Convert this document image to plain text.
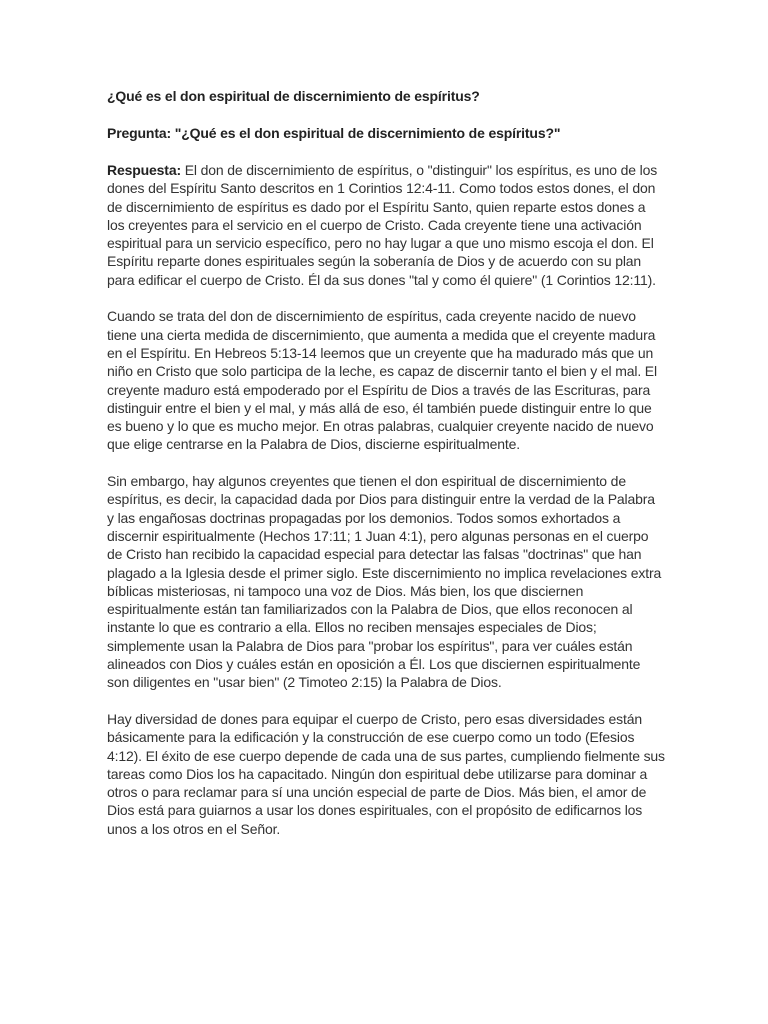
¿Qué es el don espiritual de discernimiento de espíritus?
Pregunta: "¿Qué es el don espiritual de discernimiento de espíritus?"

Respuesta: El don de discernimiento de espíritus, o "distinguir" los espíritus, es uno de los dones del Espíritu Santo descritos en 1 Corintios 12:4-11. Como todos estos dones, el don de discernimiento de espíritus es dado por el Espíritu Santo, quien reparte estos dones a los creyentes para el servicio en el cuerpo de Cristo. Cada creyente tiene una activación espiritual para un servicio específico, pero no hay lugar a que uno mismo escoja el don. El Espíritu reparte dones espirituales según la soberanía de Dios y de acuerdo con su plan para edificar el cuerpo de Cristo. Él da sus dones "tal y como él quiere" (1 Corintios 12:11).

Cuando se trata del don de discernimiento de espíritus, cada creyente nacido de nuevo tiene una cierta medida de discernimiento, que aumenta a medida que el creyente madura en el Espíritu. En Hebreos 5:13-14 leemos que un creyente que ha madurado más que un niño en Cristo que solo participa de la leche, es capaz de discernir tanto el bien y el mal. El creyente maduro está empoderado por el Espíritu de Dios a través de las Escrituras, para distinguir entre el bien y el mal, y más allá de eso, él también puede distinguir entre lo que es bueno y lo que es mucho mejor. En otras palabras, cualquier creyente nacido de nuevo que elige centrarse en la Palabra de Dios, discierne espiritualmente.

Sin embargo, hay algunos creyentes que tienen el don espiritual de discernimiento de espíritus, es decir, la capacidad dada por Dios para distinguir entre la verdad de la Palabra y las engañosas doctrinas propagadas por los demonios. Todos somos exhortados a discernir espiritualmente (Hechos 17:11; 1 Juan 4:1), pero algunas personas en el cuerpo de Cristo han recibido la capacidad especial para detectar las falsas "doctrinas" que han plagado a la Iglesia desde el primer siglo. Este discernimiento no implica revelaciones extra bíblicas misteriosas, ni tampoco una voz de Dios. Más bien, los que disciernen espiritualmente están tan familiarizados con la Palabra de Dios, que ellos reconocen al instante lo que es contrario a ella. Ellos no reciben mensajes especiales de Dios; simplemente usan la Palabra de Dios para "probar los espíritus", para ver cuáles están alineados con Dios y cuáles están en oposición a Él. Los que disciernen espiritualmente son diligentes en "usar bien" (2 Timoteo 2:15) la Palabra de Dios.

Hay diversidad de dones para equipar el cuerpo de Cristo, pero esas diversidades están básicamente para la edificación y la construcción de ese cuerpo como un todo (Efesios 4:12). El éxito de ese cuerpo depende de cada una de sus partes, cumpliendo fielmente sus tareas como Dios los ha capacitado. Ningún don espiritual debe utilizarse para dominar a otros o para reclamar para sí una unción especial de parte de Dios. Más bien, el amor de Dios está para guiarnos a usar los dones espirituales, con el propósito de edificarnos los unos a los otros en el Señor.
